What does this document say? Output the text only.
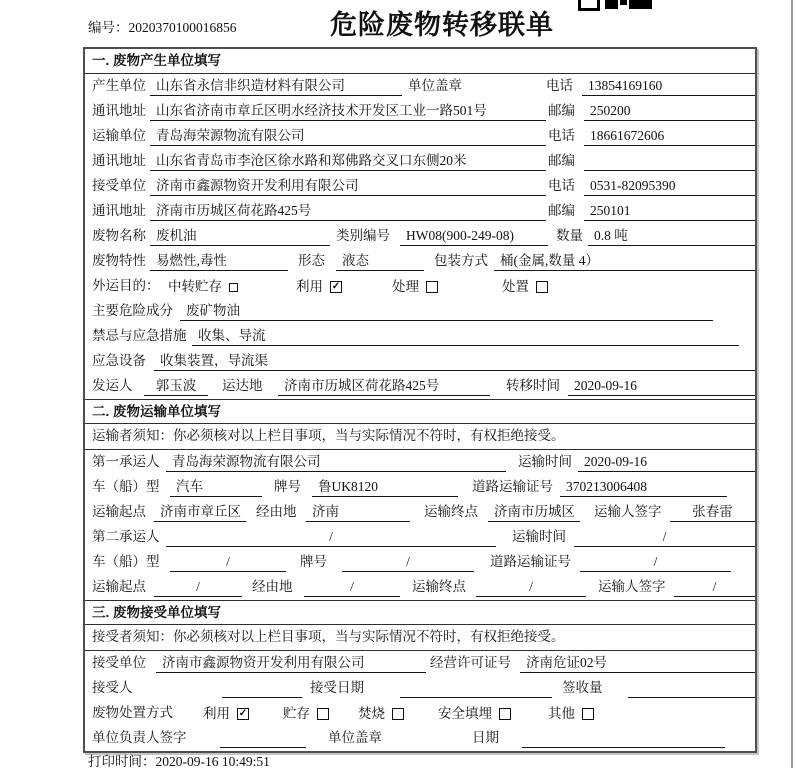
编号：2020370100016856	危险废物转移联单
一. 废物产生单位填写
产生单位 山东省永信非织造材料有限公司	单位盖章	电话	13854169160
通讯地址 山东省济南市章丘区明水经济技术开发区工业一路501号	邮编	250200
运输单位 青岛海荣源物流有限公司	电话	18661672606
通讯地址 山东省青岛市李沧区徐水路和郑佛路交叉口东侧20米	邮编
接受单位 济南市鑫源物资开发利用有限公司	电话	0531-82095390
通讯地址 济南市历城区荷花路425号	邮编	250101
废物名称 废机油	类别编号	HW08(900-249-08)	数量 0.8 吨
废物特性 易燃性,毒性	形态	液态	包装方式 桶(金属,数量 4）
外运目的： 中转贮存	利用 ✓	处理	处置
主要危险成分 废矿物油
禁忌与应急措施 收集、导流
应急设备	收集装置，导流渠
发运人	郭玉波	运达地	济南市历城区荷花路425号	转移时间	2020-09-16
二. 废物运输单位填写
运输者须知：你必须核对以上栏目事项，当与实际情况不符时，有权拒绝接受。
第一承运人 青岛海荣源物流有限公司	运输时间 2020-09-16
车（船）型	汽车	牌号	鲁UK8120	道路运输证号 370213006408
运输起点	济南市章丘区	经由地	济南	运输终点	济南市历城区	运输人签字	张春雷
第二承运人	/	运输时间	/
车（船）型	/	牌号	/	道路运输证号	/
运输起点	/	经由地	/	运输终点	/	运输人签字	/
三. 废物接受单位填写
接受者须知：你必须核对以上栏目事项，当与实际情况不符时，有权拒绝接受。
接受单位	济南市鑫源物资开发利用有限公司	经营许可证号	济南危证02号
接受人	接受日期	签收量
废物处置方式	利用 ✓	贮存	焚烧	安全填埋	其他
单位负责人签字	单位盖章	日期
打印时间：2020-09-16 10:49:51
